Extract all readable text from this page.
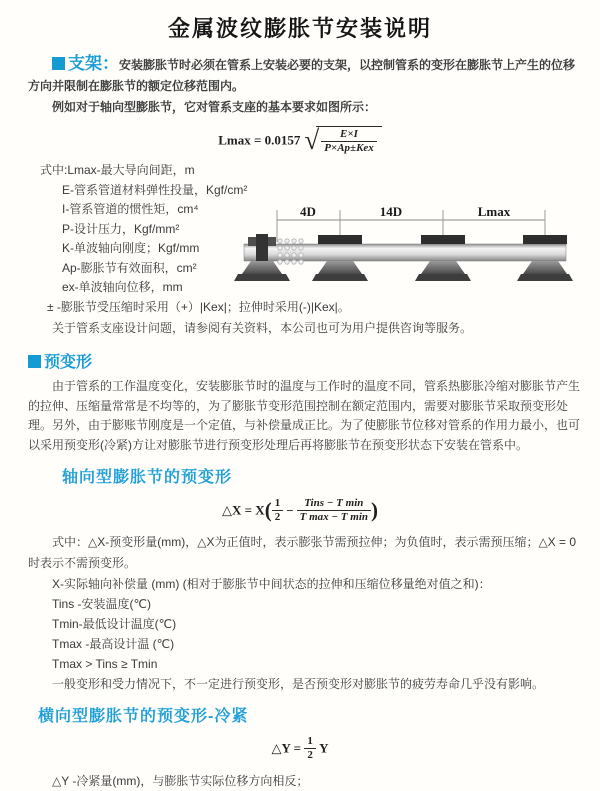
金属波纹膨胀节安装说明

支架：安装膨胀节时必须在管系上安装必要的支架，以控制管系的变形在膨胀节上产生的位移方向并限制在膨胀节的额定位移范围内。

例如对于轴向型膨胀节，它对管系支座的基本要求如图所示：

Lmax = 0.0157 √ $\frac{E\times I}{\text{P×Ap±Kex}}$
式中:Lmax-最大导向间距，m
E-管系管道材料弹性投量，Kgf/cm²
I-管系管道的惯性矩，cm⁴
P-设计压力，Kgf/mm²
K-单波轴向刚度；Kgf/mm
Ap-膨胀节有效面积，cm²
ex-单波轴向位移，mm
± -膨胀节受压缩时采用（+）|Kex|；拉伸时采用(-)|Kex|。

关于管系支座设计问题，请参阅有关资料，本公司也可为用户提供咨询等服务。

4D	14D	Lmax
预变形

由于管系的工作温度变化，安装膨胀节时的温度与工作时的温度不同，管系热膨胀冷缩对膨胀节产生的拉伸、压缩量常常是不均等的，为了膨胀节变形范围控制在额定范围内，需要对膨胀节采取预变形处理。另外，由于膨账节刚度是一个定值，与补偿量成正比。为了使膨胀节位移对管系的作用力最小，也可以采用预变形(冷紧)方让对膨胀节进行预变形处理后再将膨胀节在预变形状态下安装在管系中。

轴向型膨胀节的预变形
△X = $X( \frac{1}{2} - \frac{\text{Tins − T min}}{\text{T max − T min}}$ )

式中：△X-预变形量(mm)，△X为正值时，表示膨张节需预拉伸；为负值时，表示需预压缩；△X = 0时表示不需预变形。

X-实际轴向补偿量 (mm) (相对于膨胀节中间状态的拉伸和压缩位移量绝对值之和)：
Tins -安装温度(℃)
Tmin-最低设计温度(℃)
Tmax -最高设计温 (℃)
Tmax > Tins ≥ Tmin

一般变形和受力情况下，不一定进行预变形，是否预变形对膨胀节的疲劳寿命几乎没有影响。

横向型膨胀节的预变形-冷紧
△Y = $\frac{1}{2}$ Y
△Y -冷紧量(mm)，与膨胀节实际位移方向相反；
